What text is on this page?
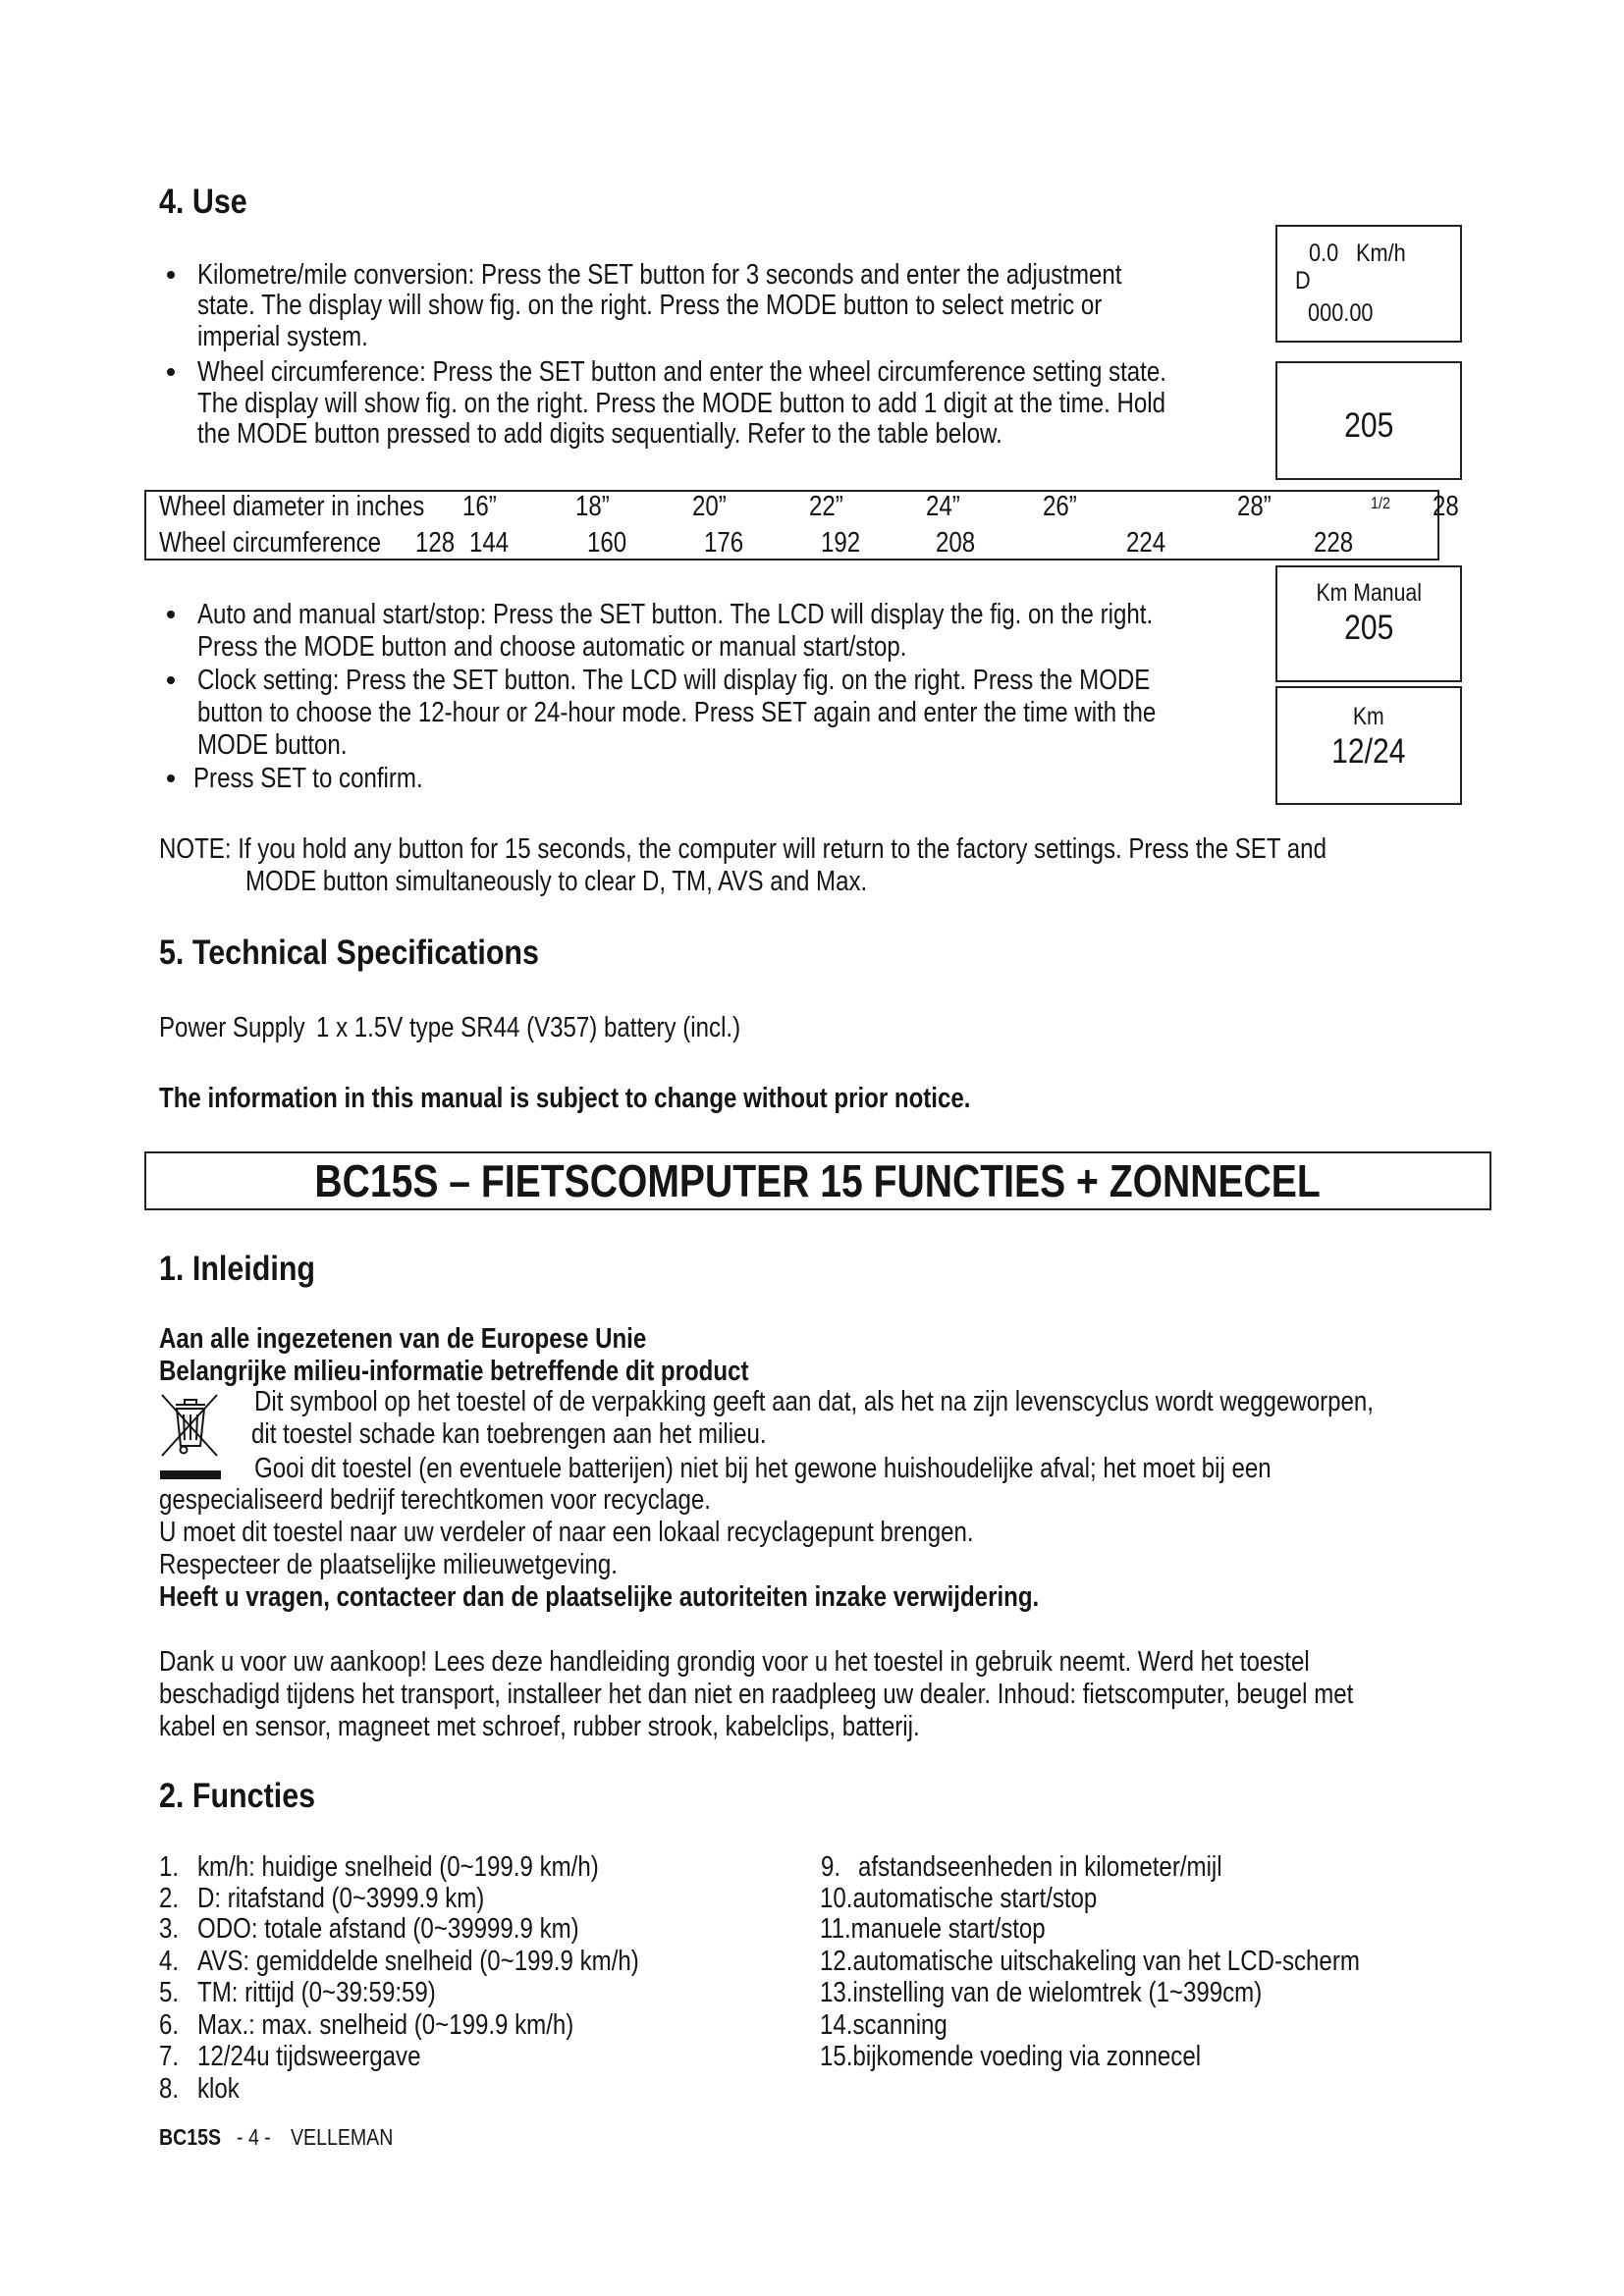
4. Use
Kilometre/mile conversion: Press the SET button for 3 seconds and enter the adjustment
state. The display will show fig. on the right. Press the MODE button to select metric or
imperial system.
Wheel circumference: Press the SET button and enter the wheel circumference setting state.
The display will show fig. on the right. Press the MODE button to add 1 digit at the time. Hold
the MODE button pressed to add digits sequentially. Refer to the table below.
0.0 Km/h
D
000.00
205
Wheel diameter in inches 16”	18”	20”	22”	24”	26”	28”	1/2 28
Wheel circumference 128 144	160	176	192	208	224	228
Km Manual
205
Km
12/24
Auto and manual start/stop: Press the SET button. The LCD will display the fig. on the right.
Press the MODE button and choose automatic or manual start/stop.
Clock setting: Press the SET button. The LCD will display fig. on the right. Press the MODE
button to choose the 12-hour or 24-hour mode. Press SET again and enter the time with the
MODE button.
Press SET to confirm.
NOTE: If you hold any button for 15 seconds, the computer will return to the factory settings. Press the SET and
MODE button simultaneously to clear D, TM, AVS and Max.
5. Technical Specifications
Power Supply 1 x 1.5V type SR44 (V357) battery (incl.)
The information in this manual is subject to change without prior notice.
BC15S – FIETSCOMPUTER 15 FUNCTIES + ZONNECEL
1. Inleiding
Aan alle ingezetenen van de Europese Unie
Belangrijke milieu-informatie betreffende dit product
Dit symbool op het toestel of de verpakking geeft aan dat, als het na zijn levenscyclus wordt weggeworpen,
dit toestel schade kan toebrengen aan het milieu.
Gooi dit toestel (en eventuele batterijen) niet bij het gewone huishoudelijke afval; het moet bij een
gespecialiseerd bedrijf terechtkomen voor recyclage.
U moet dit toestel naar uw verdeler of naar een lokaal recyclagepunt brengen.
Respecteer de plaatselijke milieuwetgeving.
Heeft u vragen, contacteer dan de plaatselijke autoriteiten inzake verwijdering.
Dank u voor uw aankoop! Lees deze handleiding grondig voor u het toestel in gebruik neemt. Werd het toestel
beschadigd tijdens het transport, installeer het dan niet en raadpleeg uw dealer. Inhoud: fietscomputer, beugel met
kabel en sensor, magneet met schroef, rubber strook, kabelclips, batterij.
2. Functies
1. km/h: huidige snelheid (0~199.9 km/h)
2. D: ritafstand (0~3999.9 km)
3. ODO: totale afstand (0~39999.9 km)
4. AVS: gemiddelde snelheid (0~199.9 km/h)
5. TM: rittijd (0~39:59:59)
6. Max.: max. snelheid (0~199.9 km/h)
7. 12/24u tijdsweergave
8. klok
9. afstandseenheden in kilometer/mijl
10.automatische start/stop
11.manuele start/stop
12.automatische uitschakeling van het LCD-scherm
13.instelling van de wielomtrek (1~399cm)
14.scanning
15.bijkomende voeding via zonnecel
BC15S - 4 - VELLEMAN
